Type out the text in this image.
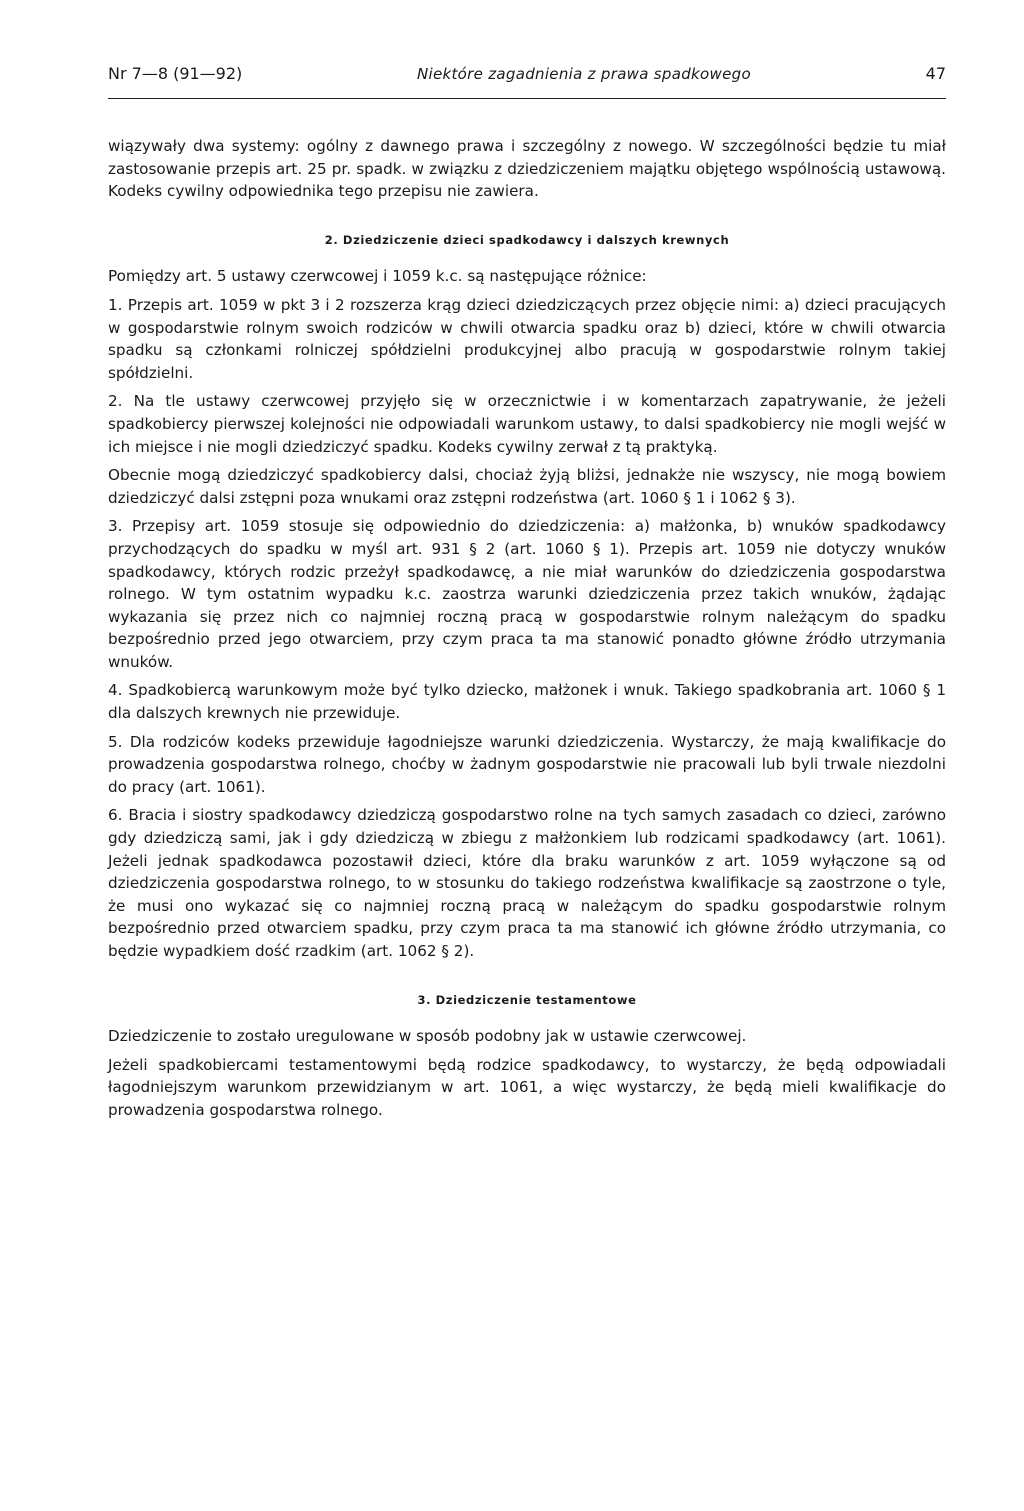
Nr 7—8 (91—92)	Niektóre zagadnienia z prawa spadkowego	47

wiązywały dwa systemy: ogólny z dawnego prawa i szczególny z nowego. W szczególności będzie tu miał zastosowanie przepis art. 25 pr. spadk. w związku z dziedziczeniem majątku objętego wspólnością ustawową. Kodeks cywilny odpowiednika tego przepisu nie zawiera.

2. Dziedziczenie dzieci spadkodawcy i dalszych krewnych

Pomiędzy art. 5 ustawy czerwcowej i 1059 k.c. są następujące różnice:

1. Przepis art. 1059 w pkt 3 i 2 rozszerza krąg dzieci dziedziczących przez objęcie nimi: a) dzieci pracujących w gospodarstwie rolnym swoich rodziców w chwili otwarcia spadku oraz b) dzieci, które w chwili otwarcia spadku są członkami rolniczej spółdzielni produkcyjnej albo pracują w gospodarstwie rolnym takiej spółdzielni.

2. Na tle ustawy czerwcowej przyjęło się w orzecznictwie i w komentarzach zapatrywanie, że jeżeli spadkobiercy pierwszej kolejności nie odpowiadali warunkom ustawy, to dalsi spadkobiercy nie mogli wejść w ich miejsce i nie mogli dziedziczyć spadku. Kodeks cywilny zerwał z tą praktyką.

Obecnie mogą dziedziczyć spadkobiercy dalsi, chociaż żyją bliżsi, jednakże nie wszyscy, nie mogą bowiem dziedziczyć dalsi zstępni poza wnukami oraz zstępni rodzeństwa (art. 1060 § 1 i 1062 § 3).

3. Przepisy art. 1059 stosuje się odpowiednio do dziedziczenia: a) małżonka, b) wnuków spadkodawcy przychodzących do spadku w myśl art. 931 § 2 (art. 1060 § 1). Przepis art. 1059 nie dotyczy wnuków spadkodawcy, których rodzic przeżył spadkodawcę, a nie miał warunków do dziedziczenia gospodarstwa rolnego. W tym ostatnim wypadku k.c. zaostrza warunki dziedziczenia przez takich wnuków, żądając wykazania się przez nich co najmniej roczną pracą w gospodarstwie rolnym należącym do spadku bezpośrednio przed jego otwarciem, przy czym praca ta ma stanowić ponadto główne źródło utrzymania wnuków.

4. Spadkobiercą warunkowym może być tylko dziecko, małżonek i wnuk. Takiego spadkobrania art. 1060 § 1 dla dalszych krewnych nie przewiduje.

5. Dla rodziców kodeks przewiduje łagodniejsze warunki dziedziczenia. Wystarczy, że mają kwalifikacje do prowadzenia gospodarstwa rolnego, choćby w żadnym gospodarstwie nie pracowali lub byli trwale niezdolni do pracy (art. 1061).

6. Bracia i siostry spadkodawcy dziedziczą gospodarstwo rolne na tych samych zasadach co dzieci, zarówno gdy dziedziczą sami, jak i gdy dziedziczą w zbiegu z małżonkiem lub rodzicami spadkodawcy (art. 1061). Jeżeli jednak spadkodawca pozostawił dzieci, które dla braku warunków z art. 1059 wyłączone są od dziedziczenia gospodarstwa rolnego, to w stosunku do takiego rodzeństwa kwalifikacje są zaostrzone o tyle, że musi ono wykazać się co najmniej roczną pracą w należącym do spadku gospodarstwie rolnym bezpośrednio przed otwarciem spadku, przy czym praca ta ma stanowić ich główne źródło utrzymania, co będzie wypadkiem dość rzadkim (art. 1062 § 2).

3. Dziedziczenie testamentowe

Dziedziczenie to zostało uregulowane w sposób podobny jak w ustawie czerwcowej.

Jeżeli spadkobiercami testamentowymi będą rodzice spadkodawcy, to wystarczy, że będą odpowiadali łagodniejszym warunkom przewidzianym w art. 1061, a więc wystarczy, że będą mieli kwalifikacje do prowadzenia gospodarstwa rolnego.
